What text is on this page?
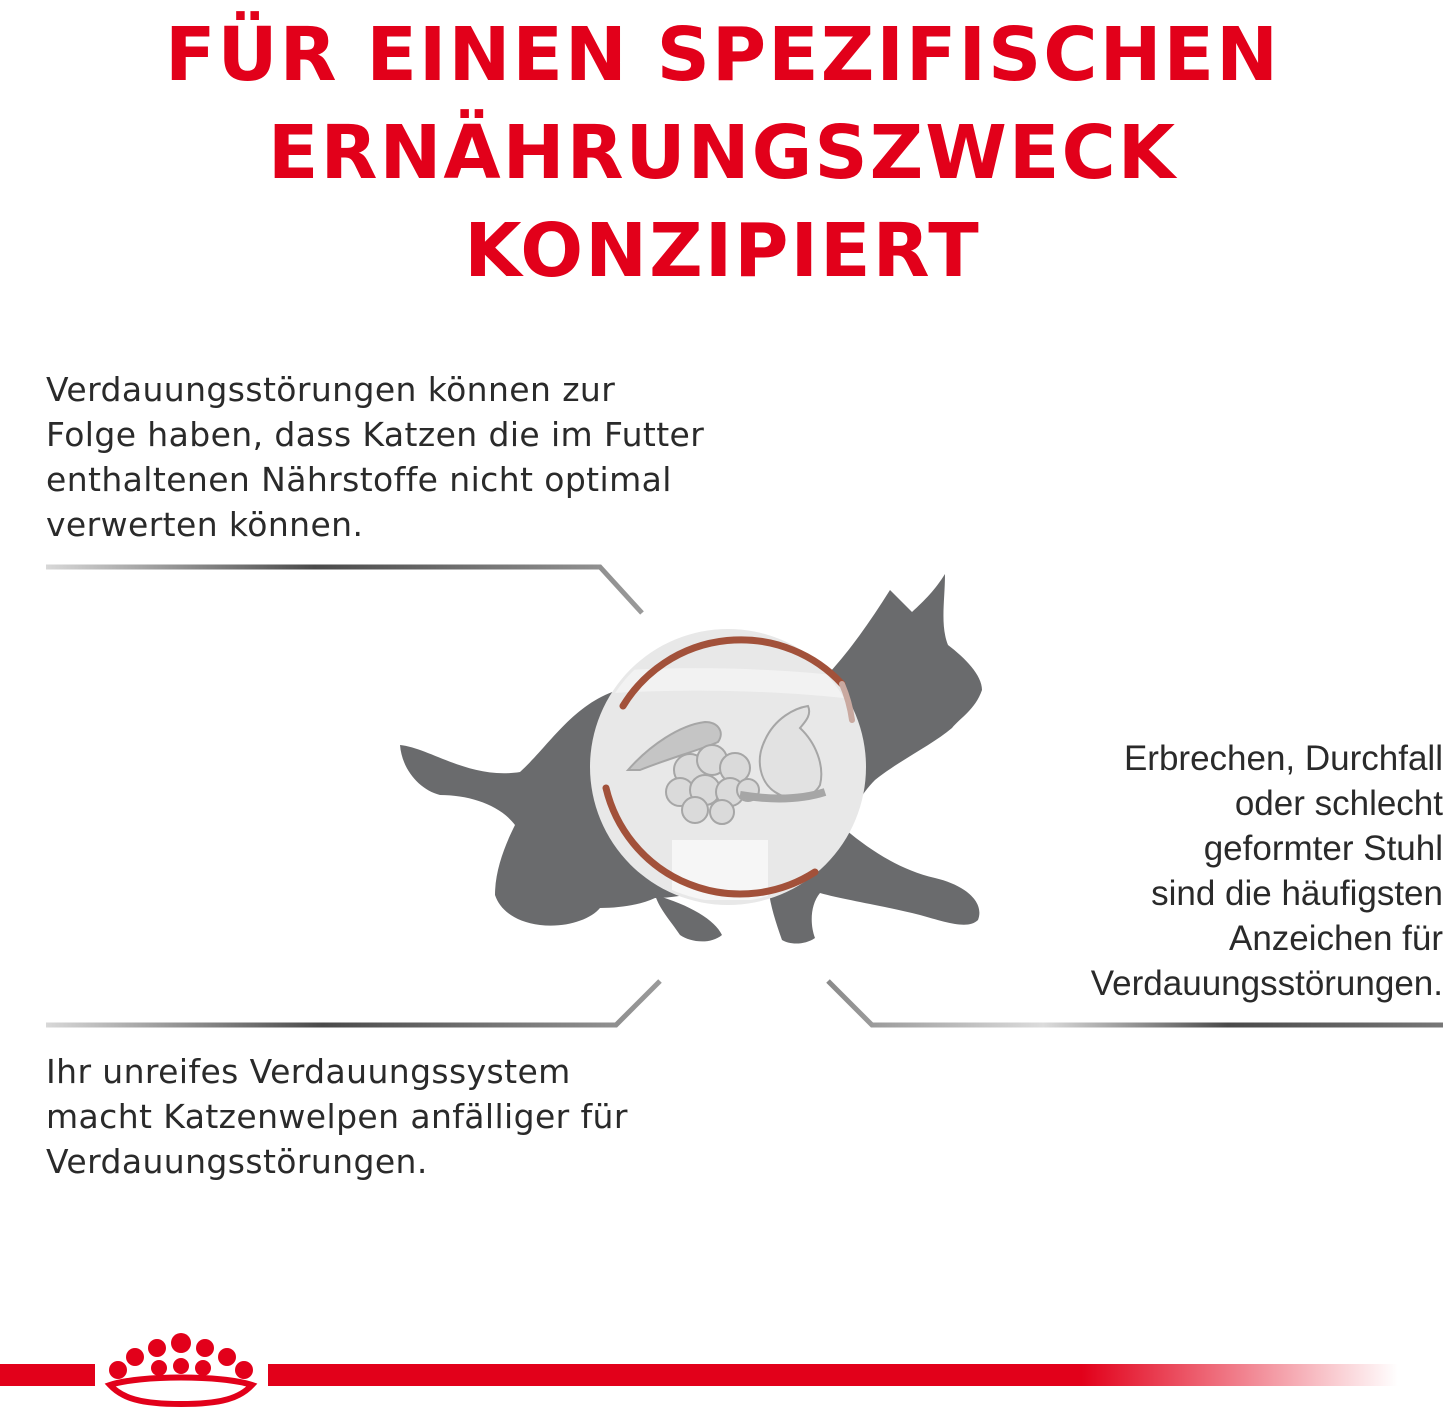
FÜR EINEN SPEZIFISCHEN
ERNÄHRUNGSZWECK KONZIPIERT

Verdauungsstörungen können zur
Folge haben, dass Katzen die im Futter
enthaltenen Nährstoffe nicht optimal
verwerten können.

Erbrechen, Durchfall
oder schlecht
geformter Stuhl
sind die häufigsten
Anzeichen für
Verdauungsstörungen.

Ihr unreifes Verdauungssystem
macht Katzenwelpen anfälliger für
Verdauungsstörungen.
